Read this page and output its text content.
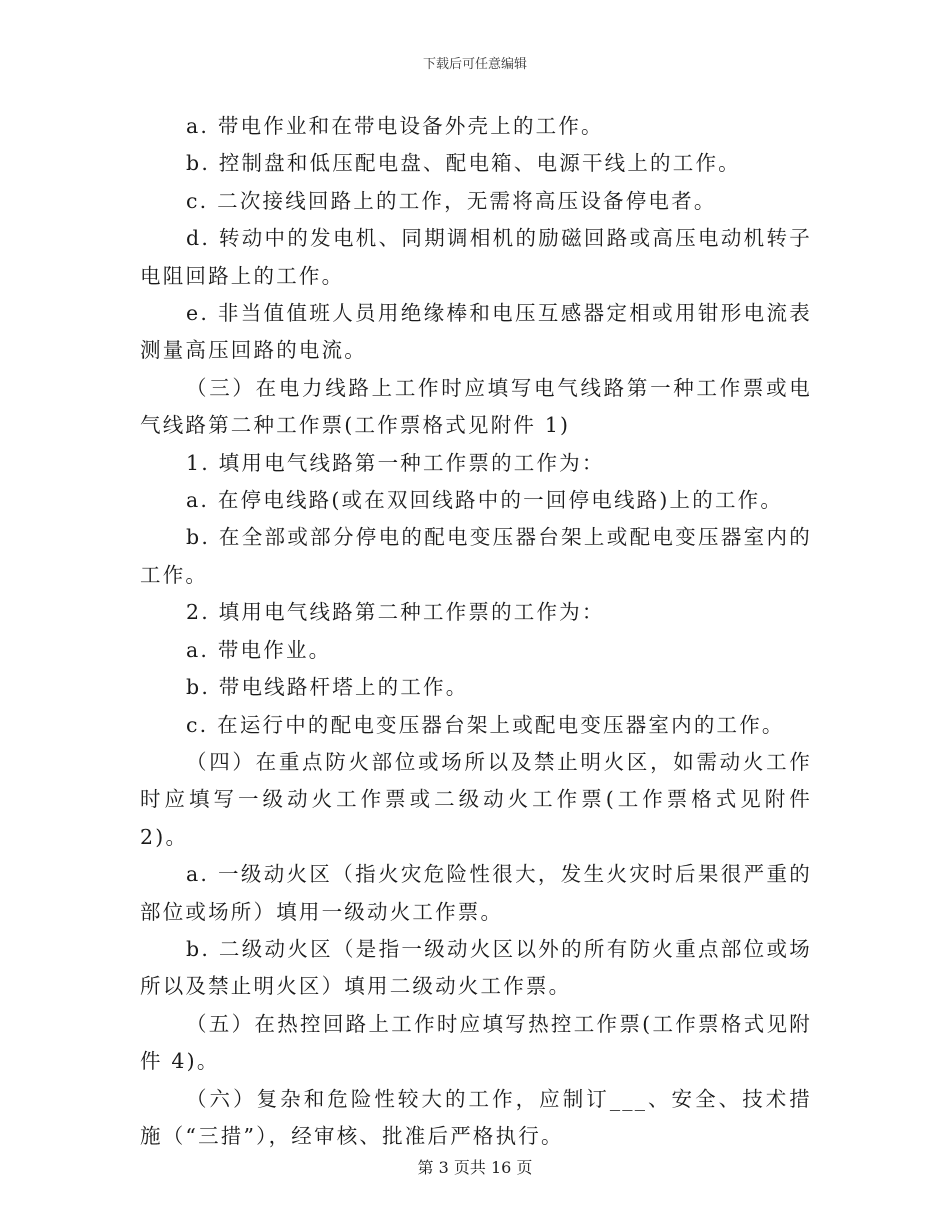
下载后可任意编辑

a. 带电作业和在带电设备外壳上的工作。

b. 控制盘和低压配电盘、配电箱、电源干线上的工作。

c. 二次接线回路上的工作，无需将高压设备停电者。

d. 转动中的发电机、同期调相机的励磁回路或高压电动机转子电阻回路上的工作。

e. 非当值值班人员用绝缘棒和电压互感器定相或用钳形电流表测量高压回路的电流。

（三）在电力线路上工作时应填写电气线路第一种工作票或电气线路第二种工作票(工作票格式见附件 1)

1. 填用电气线路第一种工作票的工作为：

a. 在停电线路(或在双回线路中的一回停电线路)上的工作。

b. 在全部或部分停电的配电变压器台架上或配电变压器室内的工作。

2. 填用电气线路第二种工作票的工作为：

a. 带电作业。

b. 带电线路杆塔上的工作。

c. 在运行中的配电变压器台架上或配电变压器室内的工作。

（四）在重点防火部位或场所以及禁止明火区，如需动火工作时应填写一级动火工作票或二级动火工作票(工作票格式见附件 2)。

a. 一级动火区（指火灾危险性很大，发生火灾时后果很严重的部位或场所）填用一级动火工作票。

b. 二级动火区（是指一级动火区以外的所有防火重点部位或场所以及禁止明火区）填用二级动火工作票。

（五）在热控回路上工作时应填写热控工作票(工作票格式见附件 4)。

（六）复杂和危险性较大的工作，应制订___、安全、技术措施（“三措”），经审核、批准后严格执行。

第 3 页共 16 页
